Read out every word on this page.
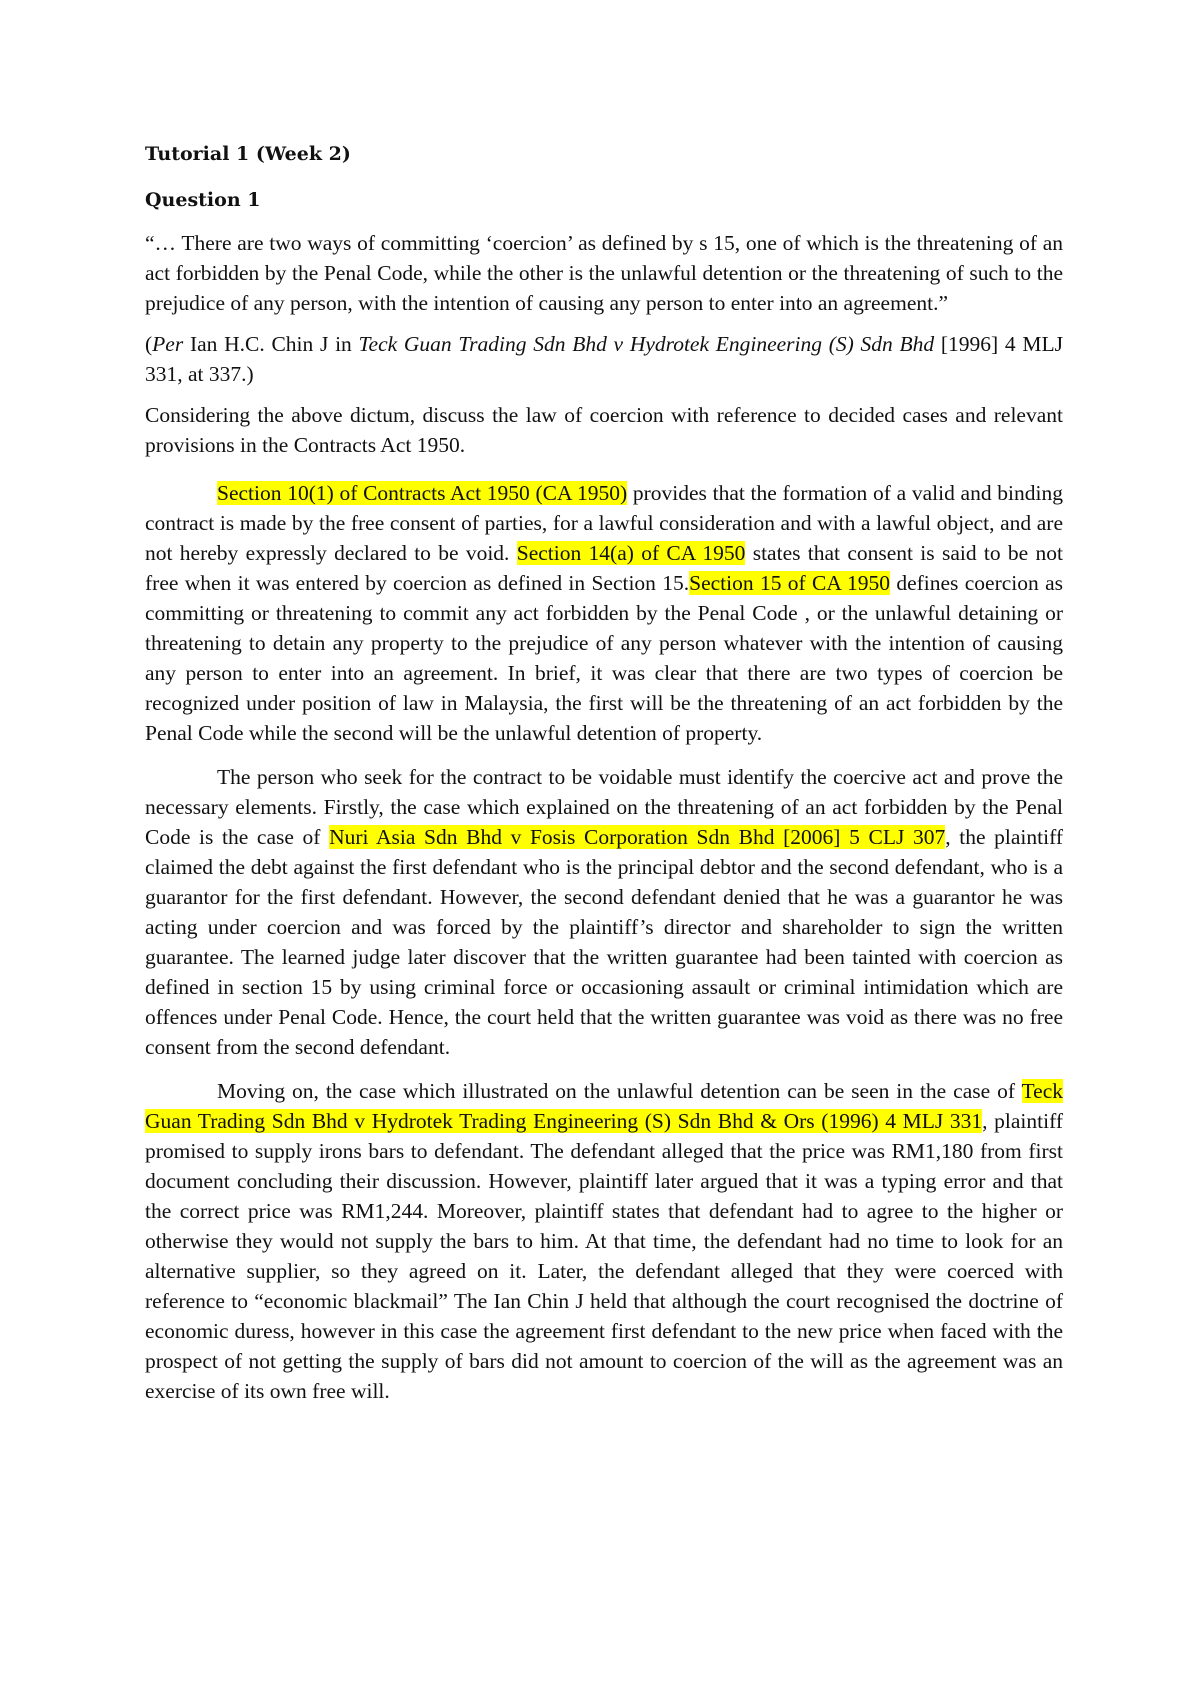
Tutorial 1 (Week 2)
Question 1

“… There are two ways of committing ‘coercion’ as defined by s 15, one of which is the threatening of an act forbidden by the Penal Code, while the other is the unlawful detention or the threatening of such to the prejudice of any person, with the intention of causing any person to enter into an agreement.”

(Per Ian H.C. Chin J in Teck Guan Trading Sdn Bhd v Hydrotek Engineering (S) Sdn Bhd [1996] 4 MLJ 331, at 337.)

Considering the above dictum, discuss the law of coercion with reference to decided cases and relevant provisions in the Contracts Act 1950.

Section 10(1) of Contracts Act 1950 (CA 1950) provides that the formation of a valid and binding contract is made by the free consent of parties, for a lawful consideration and with a lawful object, and are not hereby expressly declared to be void. Section 14(a) of CA 1950 states that consent is said to be not free when it was entered by coercion as defined in Section 15.Section 15 of CA 1950 defines coercion as committing or threatening to commit any act forbidden by the Penal Code , or the unlawful detaining or threatening to detain any property to the prejudice of any person whatever with the intention of causing any person to enter into an agreement. In brief, it was clear that there are two types of coercion be recognized under position of law in Malaysia, the first will be the threatening of an act forbidden by the Penal Code while the second will be the unlawful detention of property.

The person who seek for the contract to be voidable must identify the coercive act and prove the necessary elements. Firstly, the case which explained on the threatening of an act forbidden by the Penal Code is the case of Nuri Asia Sdn Bhd v Fosis Corporation Sdn Bhd [2006] 5 CLJ 307, the plaintiff claimed the debt against the first defendant who is the principal debtor and the second defendant, who is a guarantor for the first defendant. However, the second defendant denied that he was a guarantor he was acting under coercion and was forced by the plaintiff’s director and shareholder to sign the written guarantee. The learned judge later discover that the written guarantee had been tainted with coercion as defined in section 15 by using criminal force or occasioning assault or criminal intimidation which are offences under Penal Code. Hence, the court held that the written guarantee was void as there was no free consent from the second defendant.

Moving on, the case which illustrated on the unlawful detention can be seen in the case of Teck Guan Trading Sdn Bhd v Hydrotek Trading Engineering (S) Sdn Bhd & Ors (1996) 4 MLJ 331, plaintiff promised to supply irons bars to defendant. The defendant alleged that the price was RM1,180 from first document concluding their discussion. However, plaintiff later argued that it was a typing error and that the correct price was RM1,244. Moreover, plaintiff states that defendant had to agree to the higher or otherwise they would not supply the bars to him. At that time, the defendant had no time to look for an alternative supplier, so they agreed on it. Later, the defendant alleged that they were coerced with reference to “economic blackmail” The Ian Chin J held that although the court recognised the doctrine of economic duress, however in this case the agreement first defendant to the new price when faced with the prospect of not getting the supply of bars did not amount to coercion of the will as the agreement was an exercise of its own free will.
